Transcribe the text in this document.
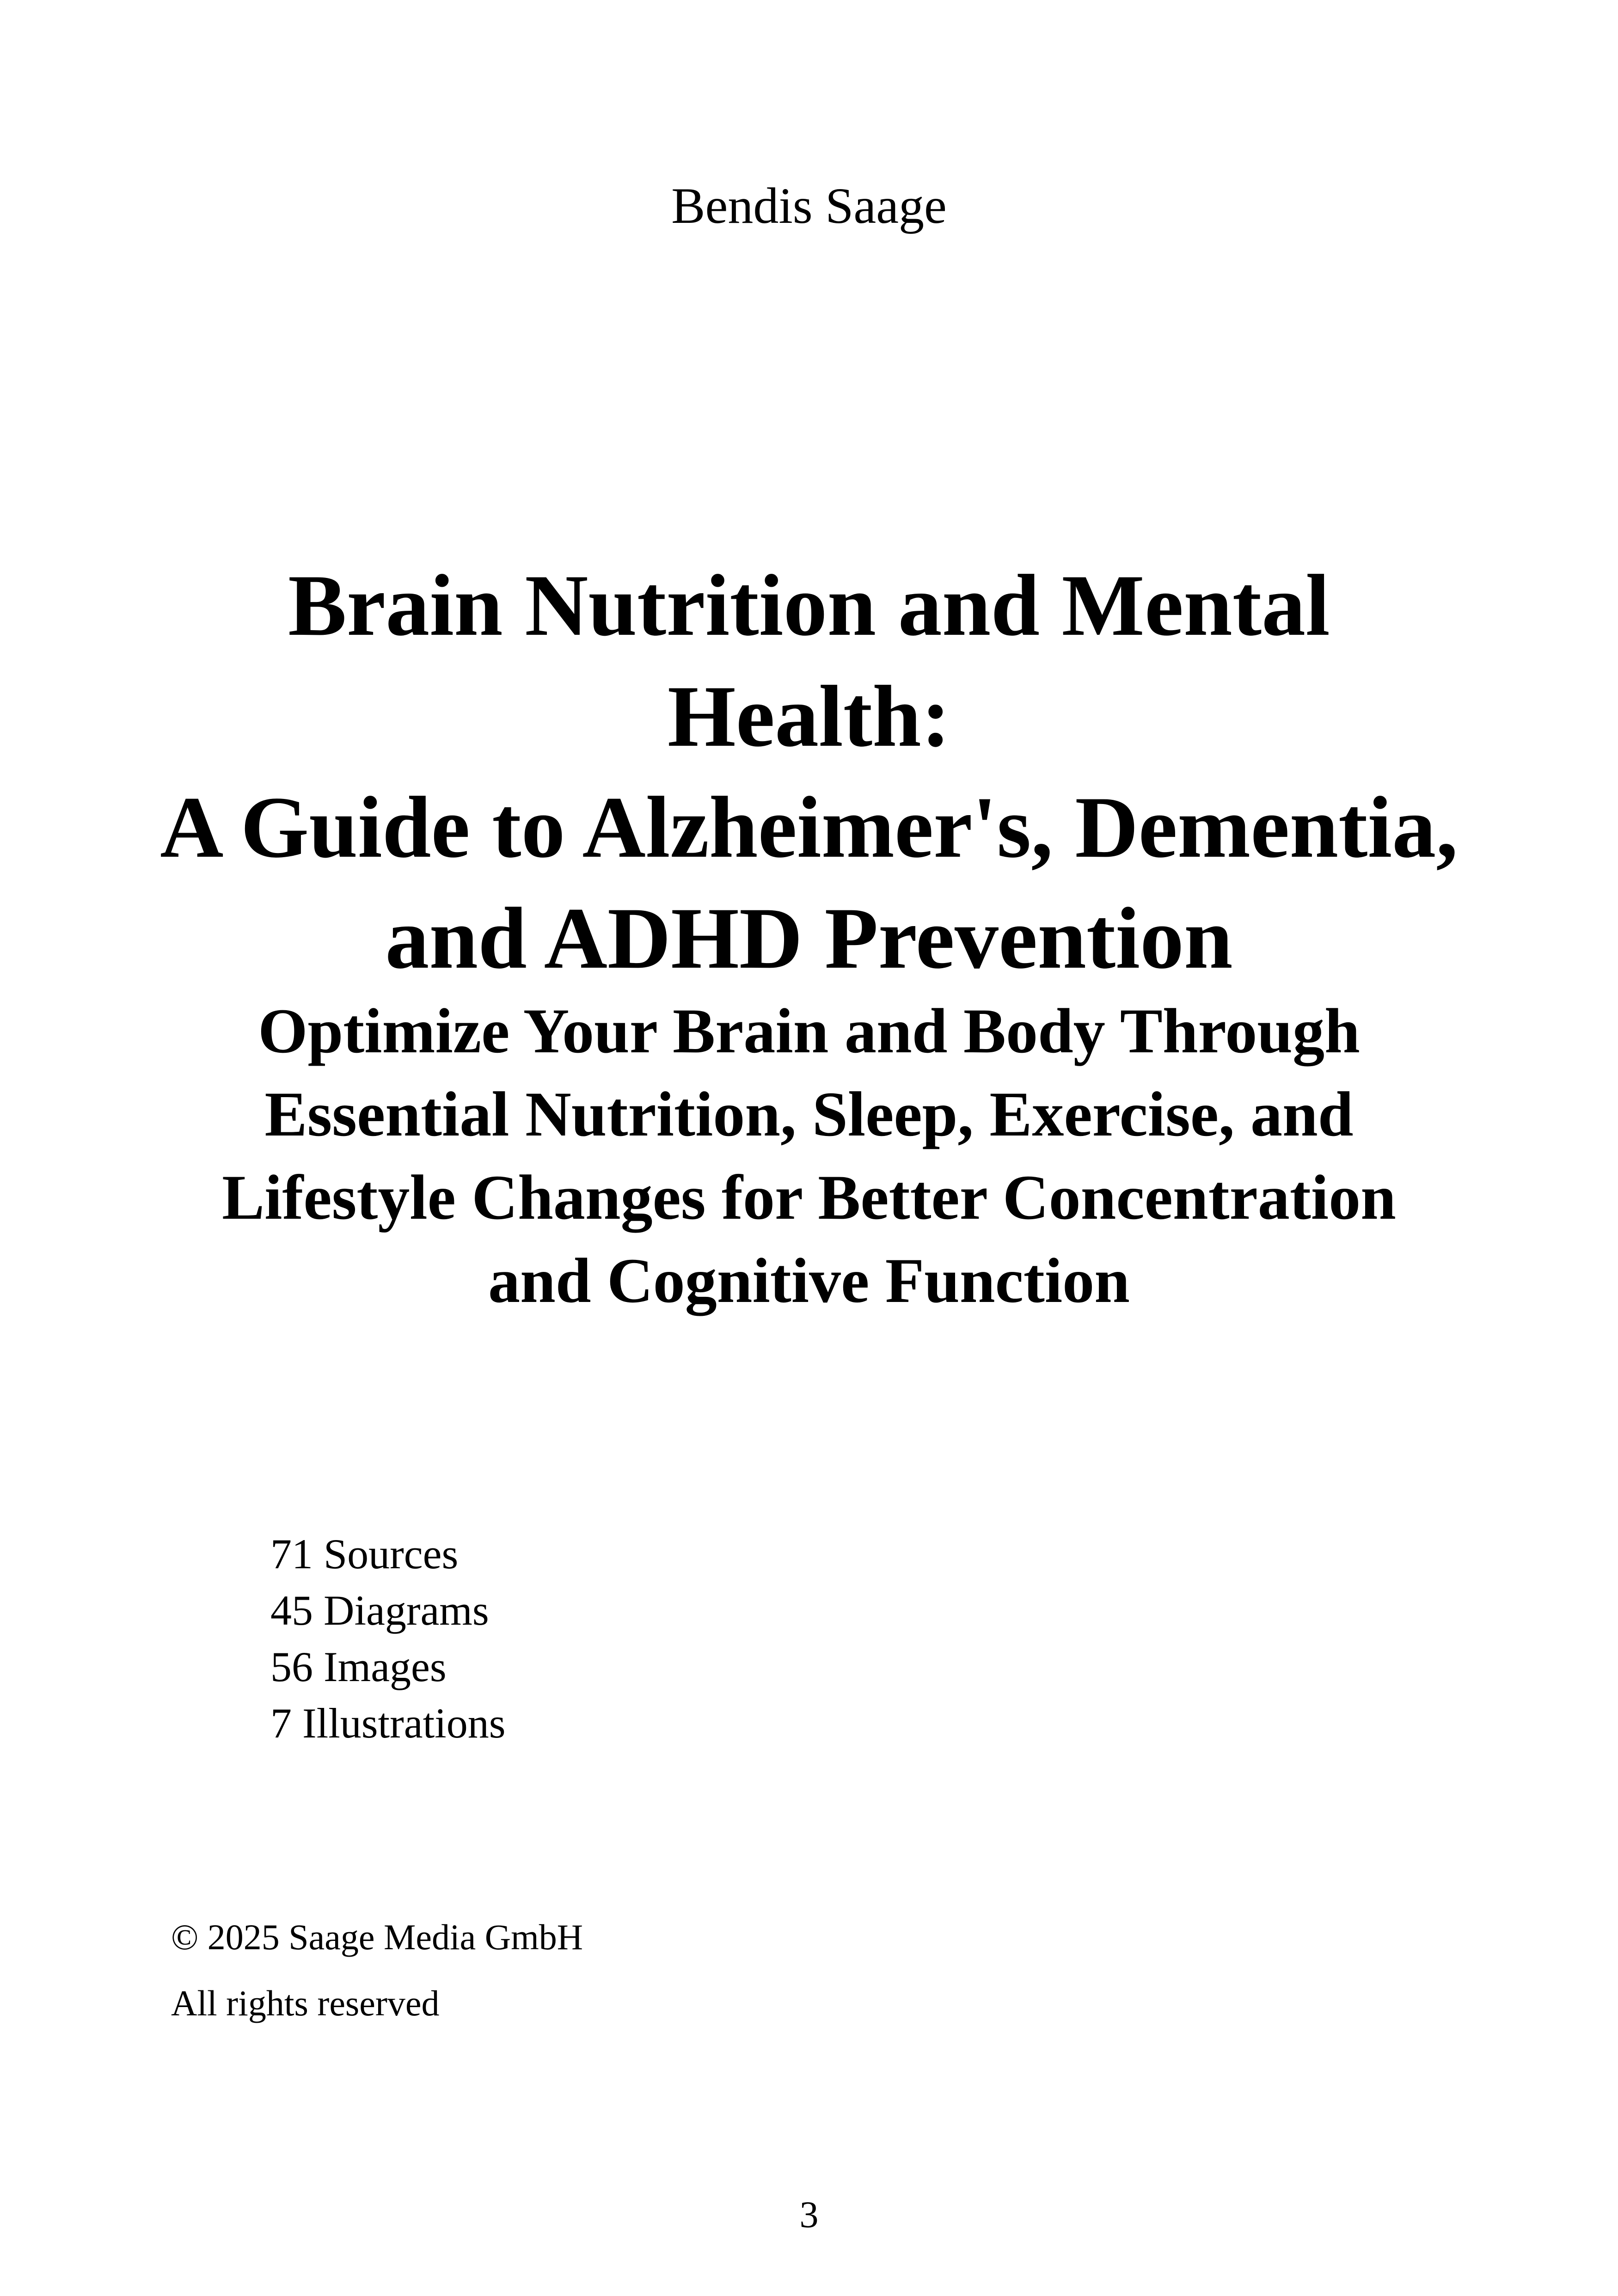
Bendis Saage
Brain Nutrition and Mental
Health:
A Guide to Alzheimer's, Dementia,
and ADHD Prevention
Optimize Your Brain and Body Through
Essential Nutrition, Sleep, Exercise, and
Lifestyle Changes for Better Concentration
and Cognitive Function
71 Sources
45 Diagrams
56 Images
7 Illustrations
© 2025 Saage Media GmbH
All rights reserved
3
